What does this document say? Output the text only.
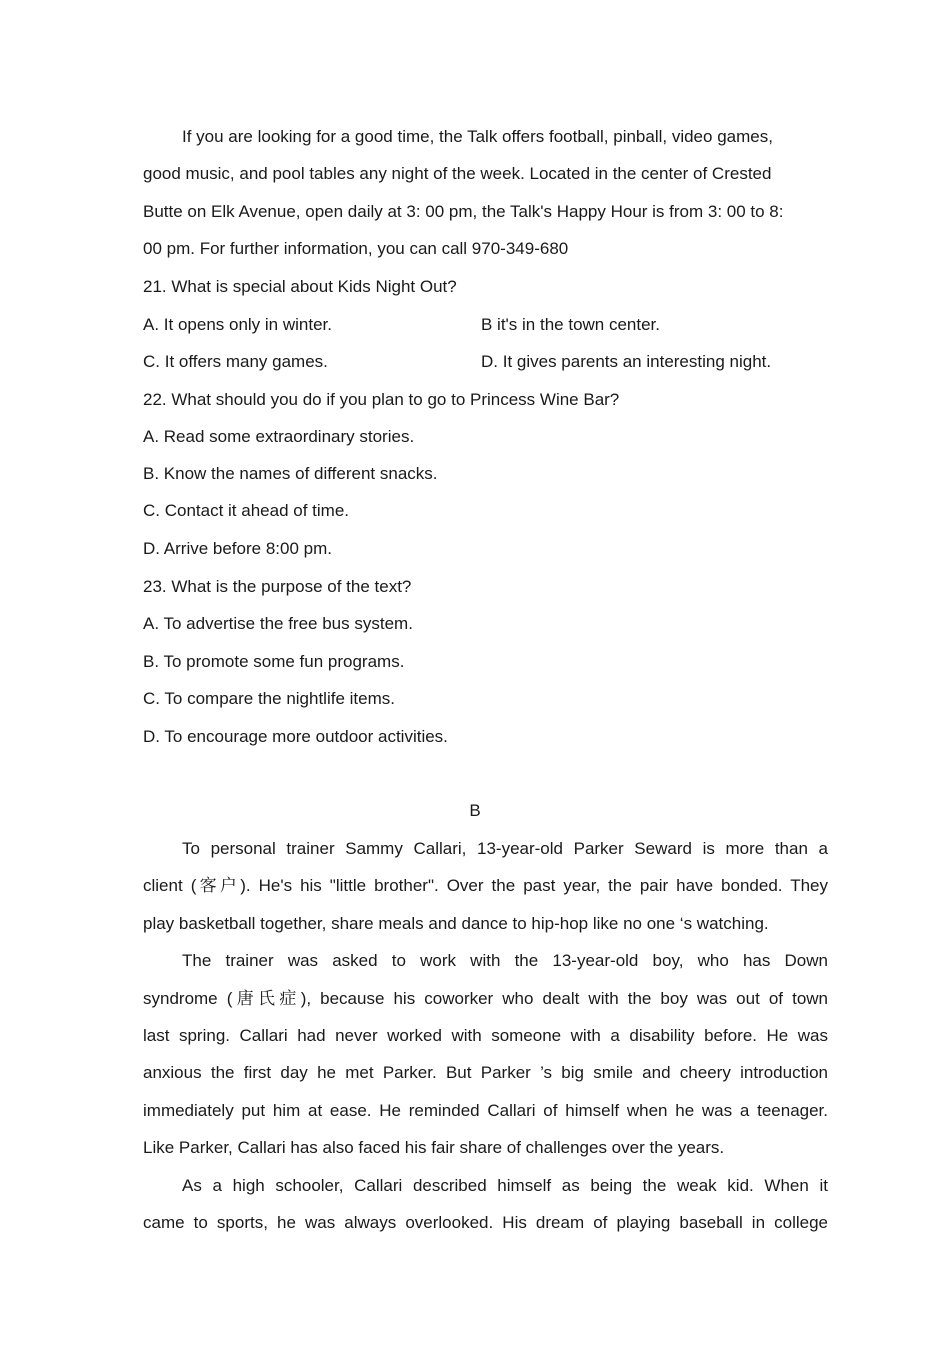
If you are looking for a good time, the Talk offers football, pinball, video games,
good music, and pool tables any night of the week. Located in the center of Crested
Butte on Elk Avenue, open daily at 3: 00 pm, the Talk's Happy Hour is from 3: 00 to 8:
00 pm. For further information, you can call 970-349-680
21. What is special about Kids Night Out?
A. It opens only in winter.	B it's in the town center.
C. It offers many games.	D. It gives parents an interesting night.
22. What should you do if you plan to go to Princess Wine Bar?
A. Read some extraordinary stories.
B. Know the names of different snacks.
C. Contact it ahead of time.
D. Arrive before 8:00 pm.
23. What is the purpose of the text?
A. To advertise the free bus system.
B. To promote some fun programs.
C. To compare the nightlife items.
D. To encourage more outdoor activities.
B
To personal trainer Sammy Callari, 13-year-old Parker Seward is more than a
client (客户). He's his "little brother". Over the past year, the pair have bonded. They
play basketball together, share meals and dance to hip-hop like no one ‘s watching.
The trainer was asked to work with the 13-year-old boy, who has Down
syndrome (唐氏症), because his coworker who dealt with the boy was out of town
last spring. Callari had never worked with someone with a disability before. He was
anxious the first day he met Parker. But Parker ’s big smile and cheery introduction
immediately put him at ease. He reminded Callari of himself when he was a teenager.
Like Parker, Callari has also faced his fair share of challenges over the years.
As a high schooler, Callari described himself as being the weak kid. When it
came to sports, he was always overlooked. His dream of playing baseball in college
